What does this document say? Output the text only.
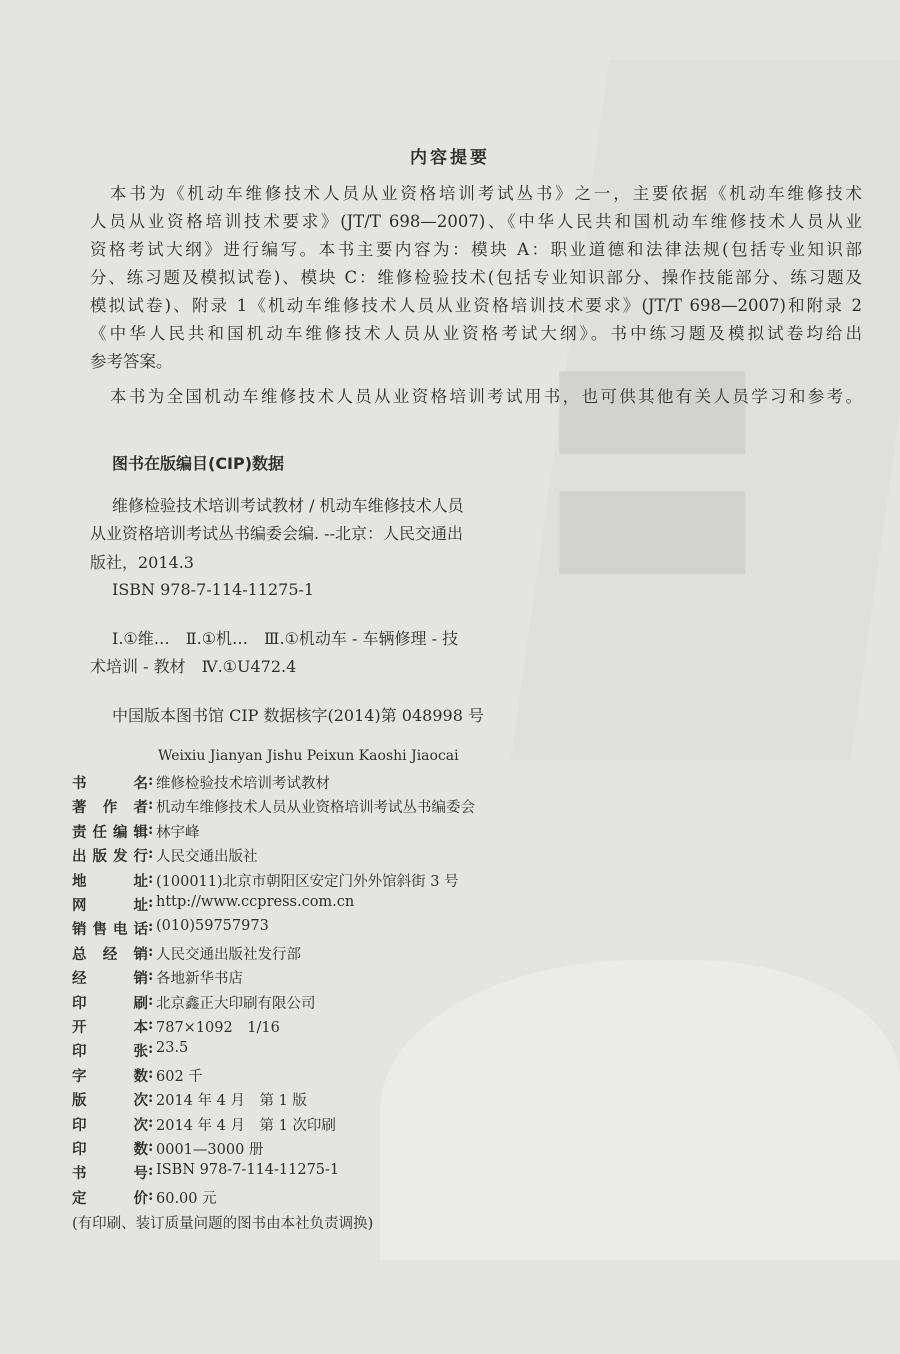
▇▇▇
▇▇▇
内容提要
本书为《机动车维修技术人员从业资格培训考试丛书》之一，主要依据《机动车维修技术
人员从业资格培训技术要求》(JT/T 698—2007)、《中华人民共和国机动车维修技术人员从业
资格考试大纲》进行编写。本书主要内容为：模块 A：职业道德和法律法规(包括专业知识部
分、练习题及模拟试卷)、模块 C：维修检验技术(包括专业知识部分、操作技能部分、练习题及
模拟试卷)、附录 1《机动车维修技术人员从业资格培训技术要求》(JT/T 698—2007)和附录 2
《中华人民共和国机动车维修技术人员从业资格考试大纲》。书中练习题及模拟试卷均给出
参考答案。
本书为全国机动车维修技术人员从业资格培训考试用书，也可供其他有关人员学习和参考。
图书在版编目(CIP)数据
维修检验技术培训考试教材 / 机动车维修技术人员
从业资格培训考试丛书编委会编. --北京：人民交通出
版社，2014.3
ISBN 978-7-114-11275-1
Ⅰ.①维…　Ⅱ.①机…　Ⅲ.①机动车 - 车辆修理 - 技
术培训 - 教材　Ⅳ.①U472.4
中国版本图书馆 CIP 数据核字(2014)第 048998 号
Weixiu Jianyan Jishu Peixun Kaoshi Jiaocai
书名 : 维修检验技术培训考试教材
著作者 : 机动车维修技术人员从业资格培训考试丛书编委会
责任编辑 : 林宇峰
出版发行 : 人民交通出版社
地址 : (100011)北京市朝阳区安定门外外馆斜街 3 号
网址 : http://www.ccpress.com.cn
销售电话 : (010)59757973
总经销 : 人民交通出版社发行部
经销 : 各地新华书店
印刷 : 北京鑫正大印刷有限公司
开本 : 787×1092　1/16
印张 : 23.5
字数 : 602 千
版次 : 2014 年 4 月　第 1 版
印次 : 2014 年 4 月　第 1 次印刷
印数 : 0001—3000 册
书号 : ISBN 978-7-114-11275-1
定价 : 60.00 元
(有印刷、装订质量问题的图书由本社负责调换)
